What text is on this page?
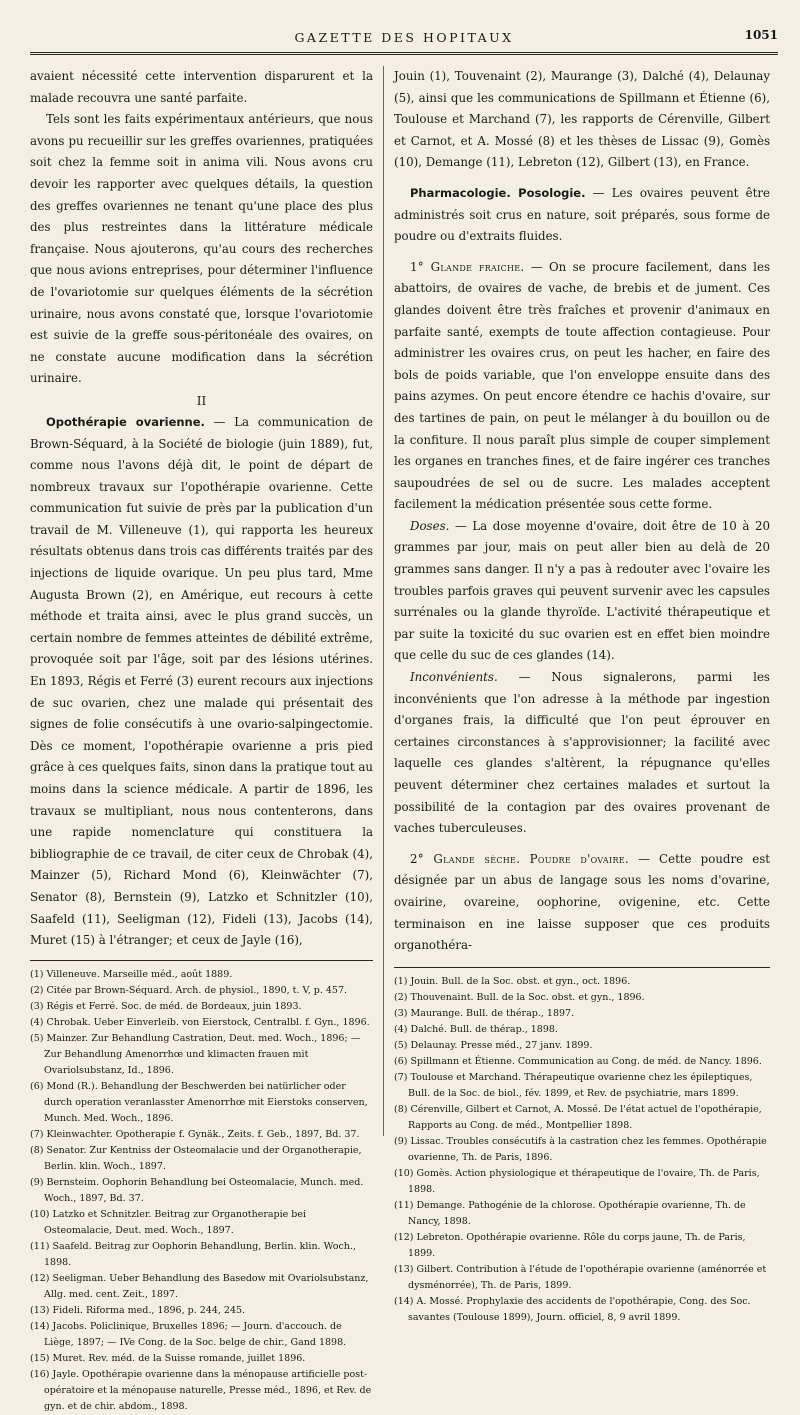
GAZETTE DES HOPITAUX	1051

avaient nécessité cette intervention disparurent et la malade recouvra une santé parfaite.

Tels sont les faits expérimentaux antérieurs, que nous avons pu recueillir sur les greffes ovariennes, pratiquées soit chez la femme soit in anima vili. Nous avons cru devoir les rapporter avec quelques détails, la question des greffes ovariennes ne tenant qu'une place des plus des plus restreintes dans la littérature médicale française. Nous ajouterons, qu'au cours des recherches que nous avions entreprises, pour déterminer l'influence de l'ovariotomie sur quelques éléments de la sécrétion urinaire, nous avons constaté que, lorsque l'ovariotomie est suivie de la greffe sous-péritonéale des ovaires, on ne constate aucune modification dans la sécrétion urinaire.

II

Opothérapie ovarienne. — La communication de Brown-Séquard, à la Société de biologie (juin 1889), fut, comme nous l'avons déjà dit, le point de départ de nombreux travaux sur l'opothérapie ovarienne. Cette communication fut suivie de près par la publication d'un travail de M. Villeneuve (1), qui rapporta les heureux résultats obtenus dans trois cas différents traités par des injections de liquide ovarique. Un peu plus tard, Mme Augusta Brown (2), en Amérique, eut recours à cette méthode et traita ainsi, avec le plus grand succès, un certain nombre de femmes atteintes de débilité extrême, provoquée soit par l'âge, soit par des lésions utérines. En 1893, Régis et Ferré (3) eurent recours aux injections de suc ovarien, chez une malade qui présentait des signes de folie consécutifs à une ovario-salpingectomie. Dès ce moment, l'opothérapie ovarienne a pris pied grâce à ces quelques faits, sinon dans la pratique tout au moins dans la science médicale. A partir de 1896, les travaux se multipliant, nous nous contenterons, dans une rapide nomenclature qui constituera la bibliographie de ce travail, de citer ceux de Chrobak (4), Mainzer (5), Richard Mond (6), Kleinwächter (7), Senator (8), Bernstein (9), Latzko et Schnitzler (10), Saafeld (11), Seeligman (12), Fideli (13), Jacobs (14), Muret (15) à l'étranger; et ceux de Jayle (16),

(1) Villeneuve. Marseille méd., août 1889.

(2) Citée par Brown-Séquard. Arch. de physiol., 1890, t. V, p. 457.

(3) Régis et Ferré. Soc. de méd. de Bordeaux, juin 1893.

(4) Chrobak. Ueber Einverleib. von Eierstock, Centralbl. f. Gyn., 1896.

(5) Mainzer. Zur Behandlung Castration, Deut. med. Woch., 1896; — Zur Behandlung Amenorrhœ und klimacten frauen mit Ovariolsubstanz, Id., 1896.

(6) Mond (R.). Behandlung der Beschwerden bei natürlicher oder durch operation veranlasster Amenorrhœ mit Eierstoks conserven, Munch. Med. Woch., 1896.

(7) Kleinwachter. Opotherapie f. Gynäk., Zeits. f. Geb., 1897, Bd. 37.

(8) Senator. Zur Kentniss der Osteomalacie und der Organotherapie, Berlin. klin. Woch., 1897.

(9) Bernsteim. Oophorin Behandlung bei Osteomalacie, Munch. med. Woch., 1897, Bd. 37.

(10) Latzko et Schnitzler. Beitrag zur Organotherapie bei Osteomalacie, Deut. med. Woch., 1897.

(11) Saafeld. Beitrag zur Oophorin Behandlung, Berlin. klin. Woch., 1898.

(12) Seeligman. Ueber Behandlung des Basedow mit Ovariolsubstanz, Allg. med. cent. Zeit., 1897.

(13) Fideli. Riforma med., 1896, p. 244, 245.

(14) Jacobs. Policlinique, Bruxelles 1896; — Journ. d'accouch. de Liège, 1897; — IVe Cong. de la Soc. belge de chir., Gand 1898.

(15) Muret. Rev. méd. de la Suisse romande, juillet 1896.

(16) Jayle. Opothérapie ovarienne dans la ménopause artificielle post-opératoire et la ménopause naturelle, Presse méd., 1896, et Rev. de gyn. et de chir. abdom., 1898.

Jouin (1), Touvenaint (2), Maurange (3), Dalché (4), Delaunay (5), ainsi que les communications de Spillmann et Étienne (6), Toulouse et Marchand (7), les rapports de Cérenville, Gilbert et Carnot, et A. Mossé (8) et les thèses de Lissac (9), Gomès (10), Demange (11), Lebreton (12), Gilbert (13), en France.

Pharmacologie. Posologie. — Les ovaires peuvent être administrés soit crus en nature, soit préparés, sous forme de poudre ou d'extraits fluides.

1° Glande fraiche. — On se procure facilement, dans les abattoirs, de ovaires de vache, de brebis et de jument. Ces glandes doivent être très fraîches et provenir d'animaux en parfaite santé, exempts de toute affection contagieuse. Pour administrer les ovaires crus, on peut les hacher, en faire des bols de poids variable, que l'on enveloppe ensuite dans des pains azymes. On peut encore étendre ce hachis d'ovaire, sur des tartines de pain, on peut le mélanger à du bouillon ou de la confiture. Il nous paraît plus simple de couper simplement les organes en tranches fines, et de faire ingérer ces tranches saupoudrées de sel ou de sucre. Les malades acceptent facilement la médication présentée sous cette forme.

Doses. — La dose moyenne d'ovaire, doit être de 10 à 20 grammes par jour, mais on peut aller bien au delà de 20 grammes sans danger. Il n'y a pas à redouter avec l'ovaire les troubles parfois graves qui peuvent survenir avec les capsules surrénales ou la glande thyroïde. L'activité thérapeutique et par suite la toxicité du suc ovarien est en effet bien moindre que celle du suc de ces glandes (14).

Inconvénients. — Nous signalerons, parmi les inconvénients que l'on adresse à la méthode par ingestion d'organes frais, la difficulté que l'on peut éprouver en certaines circonstances à s'approvisionner; la facilité avec laquelle ces glandes s'altèrent, la répugnance qu'elles peuvent déterminer chez certaines malades et surtout la possibilité de la contagion par des ovaires provenant de vaches tuberculeuses.

2° Glande sèche. Poudre d'ovaire. — Cette poudre est désignée par un abus de langage sous les noms d'ovarine, ovairine, ovareine, oophorine, ovigenine, etc. Cette terminaison en ine laisse supposer que ces produits organothéra-

(1) Jouin. Bull. de la Soc. obst. et gyn., oct. 1896.

(2) Thouvenaint. Bull. de la Soc. obst. et gyn., 1896.

(3) Maurange. Bull. de thérap., 1897.

(4) Dalché. Bull. de thérap., 1898.

(5) Delaunay. Presse méd., 27 janv. 1899.

(6) Spillmann et Étienne. Communication au Cong. de méd. de Nancy. 1896.

(7) Toulouse et Marchand. Thérapeutique ovarienne chez les épileptiques, Bull. de la Soc. de biol., fév. 1899, et Rev. de psychiatrie, mars 1899.

(8) Cérenville, Gilbert et Carnot, A. Mossé. De l'état actuel de l'opothérapie, Rapports au Cong. de méd., Montpellier 1898.

(9) Lissac. Troubles consécutifs à la castration chez les femmes. Opothérapie ovarienne, Th. de Paris, 1896.

(10) Gomès. Action physiologique et thérapeutique de l'ovaire, Th. de Paris, 1898.

(11) Demange. Pathogénie de la chlorose. Opothérapie ovarienne, Th. de Nancy, 1898.

(12) Lebreton. Opothérapie ovarienne. Rôle du corps jaune, Th. de Paris, 1899.

(13) Gilbert. Contribution à l'étude de l'opothérapie ovarienne (aménorrée et dysménorrée), Th. de Paris, 1899.

(14) A. Mossé. Prophylaxie des accidents de l'opothérapie, Cong. des Soc. savantes (Toulouse 1899), Journ. officiel, 8, 9 avril 1899.
